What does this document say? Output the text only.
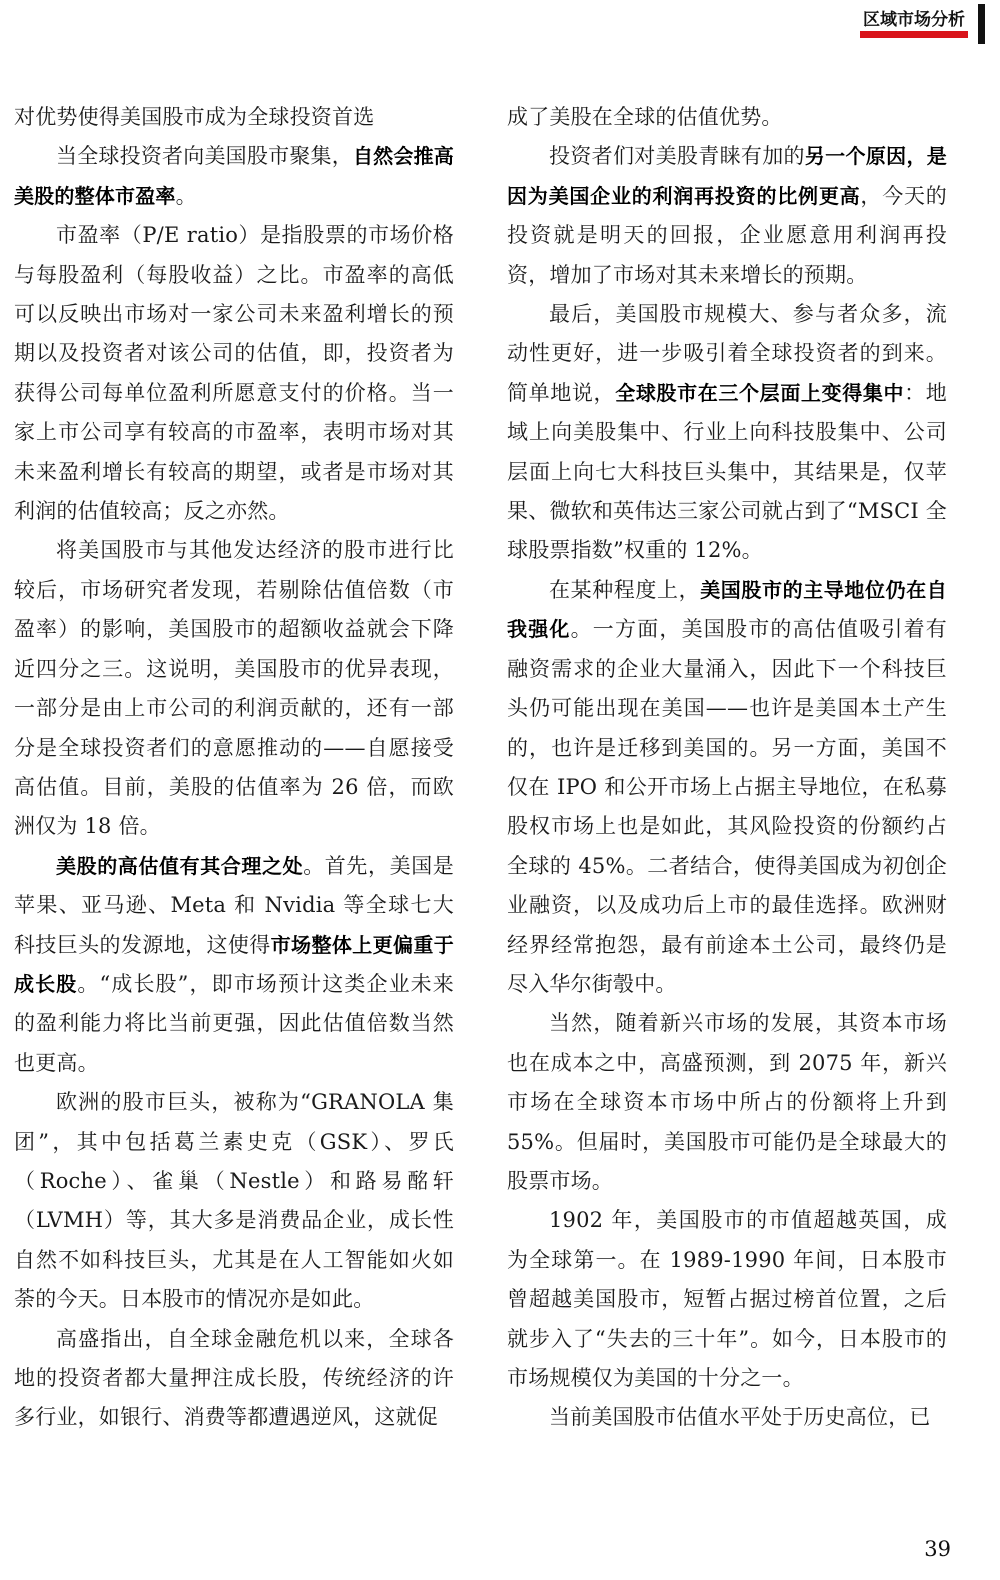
区域市场分析

对优势使得美国股市成为全球投资首选

当全球投资者向美国股市聚集，自然会推高美股的整体市盈率。

市盈率（P/E ratio）是指股票的市场价格与每股盈利（每股收益）之比。市盈率的高低可以反映出市场对一家公司未来盈利增长的预期以及投资者对该公司的估值，即，投资者为获得公司每单位盈利所愿意支付的价格。当一家上市公司享有较高的市盈率，表明市场对其未来盈利增长有较高的期望，或者是市场对其利润的估值较高；反之亦然。

将美国股市与其他发达经济的股市进行比较后，市场研究者发现，若剔除估值倍数（市盈率）的影响，美国股市的超额收益就会下降近四分之三。这说明，美国股市的优异表现，一部分是由上市公司的利润贡献的，还有一部分是全球投资者们的意愿推动的——自愿接受高估值。目前，美股的估值率为 26 倍，而欧洲仅为 18 倍。

美股的高估值有其合理之处。首先，美国是苹果、亚马逊、Meta 和 Nvidia 等全球七大科技巨头的发源地，这使得市场整体上更偏重于成长股。“成长股”，即市场预计这类企业未来的盈利能力将比当前更强，因此估值倍数当然也更高。

欧洲的股市巨头，被称为“GRANOLA 集团”，其中包括葛兰素史克（GSK）、罗氏（Roche）、雀巢（Nestle）和路易酩轩（LVMH）等，其大多是消费品企业，成长性自然不如科技巨头，尤其是在人工智能如火如荼的今天。日本股市的情况亦是如此。

高盛指出，自全球金融危机以来，全球各地的投资者都大量押注成长股，传统经济的许多行业，如银行、消费等都遭遇逆风，这就促

成了美股在全球的估值优势。

投资者们对美股青睐有加的另一个原因，是因为美国企业的利润再投资的比例更高，今天的投资就是明天的回报，企业愿意用利润再投资，增加了市场对其未来增长的预期。

最后，美国股市规模大、参与者众多，流动性更好，进一步吸引着全球投资者的到来。简单地说，全球股市在三个层面上变得集中：地域上向美股集中、行业上向科技股集中、公司层面上向七大科技巨头集中，其结果是，仅苹果、微软和英伟达三家公司就占到了“MSCI 全球股票指数”权重的 12%。

在某种程度上，美国股市的主导地位仍在自我强化。一方面，美国股市的高估值吸引着有融资需求的企业大量涌入，因此下一个科技巨头仍可能出现在美国——也许是美国本土产生的，也许是迁移到美国的。另一方面，美国不仅在 IPO 和公开市场上占据主导地位，在私募股权市场上也是如此，其风险投资的份额约占全球的 45%。二者结合，使得美国成为初创企业融资，以及成功后上市的最佳选择。欧洲财经界经常抱怨，最有前途本土公司，最终仍是尽入华尔街彀中。

当然，随着新兴市场的发展，其资本市场也在成本之中，高盛预测，到 2075 年，新兴市场在全球资本市场中所占的份额将上升到 55%。但届时，美国股市可能仍是全球最大的股票市场。

1902 年，美国股市的市值超越英国，成为全球第一。在 1989-1990 年间，日本股市曾超越美国股市，短暂占据过榜首位置，之后就步入了“失去的三十年”。如今，日本股市的市场规模仅为美国的十分之一。

当前美国股市估值水平处于历史高位，已

39
